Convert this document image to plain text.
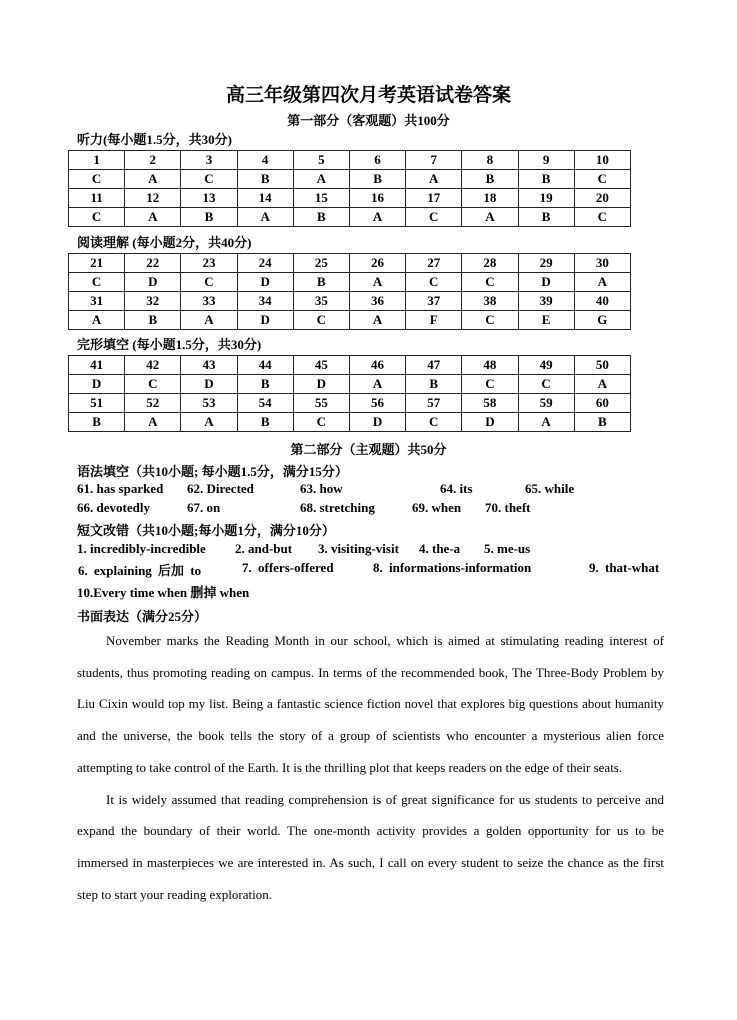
高三年级第四次月考英语试卷答案
第一部分（客观题）共100分
听力(每小题1.5分，共30分)
1	2	3	4	5	6	7	8	9	10
C	A	C	B	A	B	A	B	B	C
11	12	13	14	15	16	17	18	19	20
C	A	B	A	B	A	C	A	B	C
阅读理解 (每小题2分，共40分)
21	22	23	24	25	26	27	28	29	30
C	D	C	D	B	A	C	C	D	A
31	32	33	34	35	36	37	38	39	40
A	B	A	D	C	A	F	C	E	G
完形填空 (每小题1.5分，共30分)
41	42	43	44	45	46	47	48	49	50
D	C	D	B	D	A	B	C	C	A
51	52	53	54	55	56	57	58	59	60
B	A	A	B	C	D	C	D	A	B
第二部分（主观题）共50分
语法填空（共10小题; 每小题1.5分，满分15分）
61. has sparked 62. Directed	63. how	64. its	65. while
66. devotedly	67. on	68. stretching	69. when 70. theft
短文改错（共10小题;每小题1分，满分10分）
1. incredibly-incredible 2. and-but 3. visiting-visit 4. the-a 5. me-us
6. explaining 后加 to	7. offers-offered	8. informations-information	9. that-what
10.Every time when 删掉 when
书面表达（满分25分）

November marks the Reading Month in our school, which is aimed at stimulating reading interest of students, thus promoting reading on campus. In terms of the recommended book, The Three-Body Problem by Liu Cixin would top my list. Being a fantastic science fiction novel that explores big questions about humanity and the universe, the book tells the story of a group of scientists who encounter a mysterious alien force attempting to take control of the Earth. It is the thrilling plot that keeps readers on the edge of their seats.

It is widely assumed that reading comprehension is of great significance for us students to perceive and expand the boundary of their world. The one-month activity provides a golden opportunity for us to be immersed in masterpieces we are interested in. As such, I call on every student to seize the chance as the first step to start your reading exploration.
